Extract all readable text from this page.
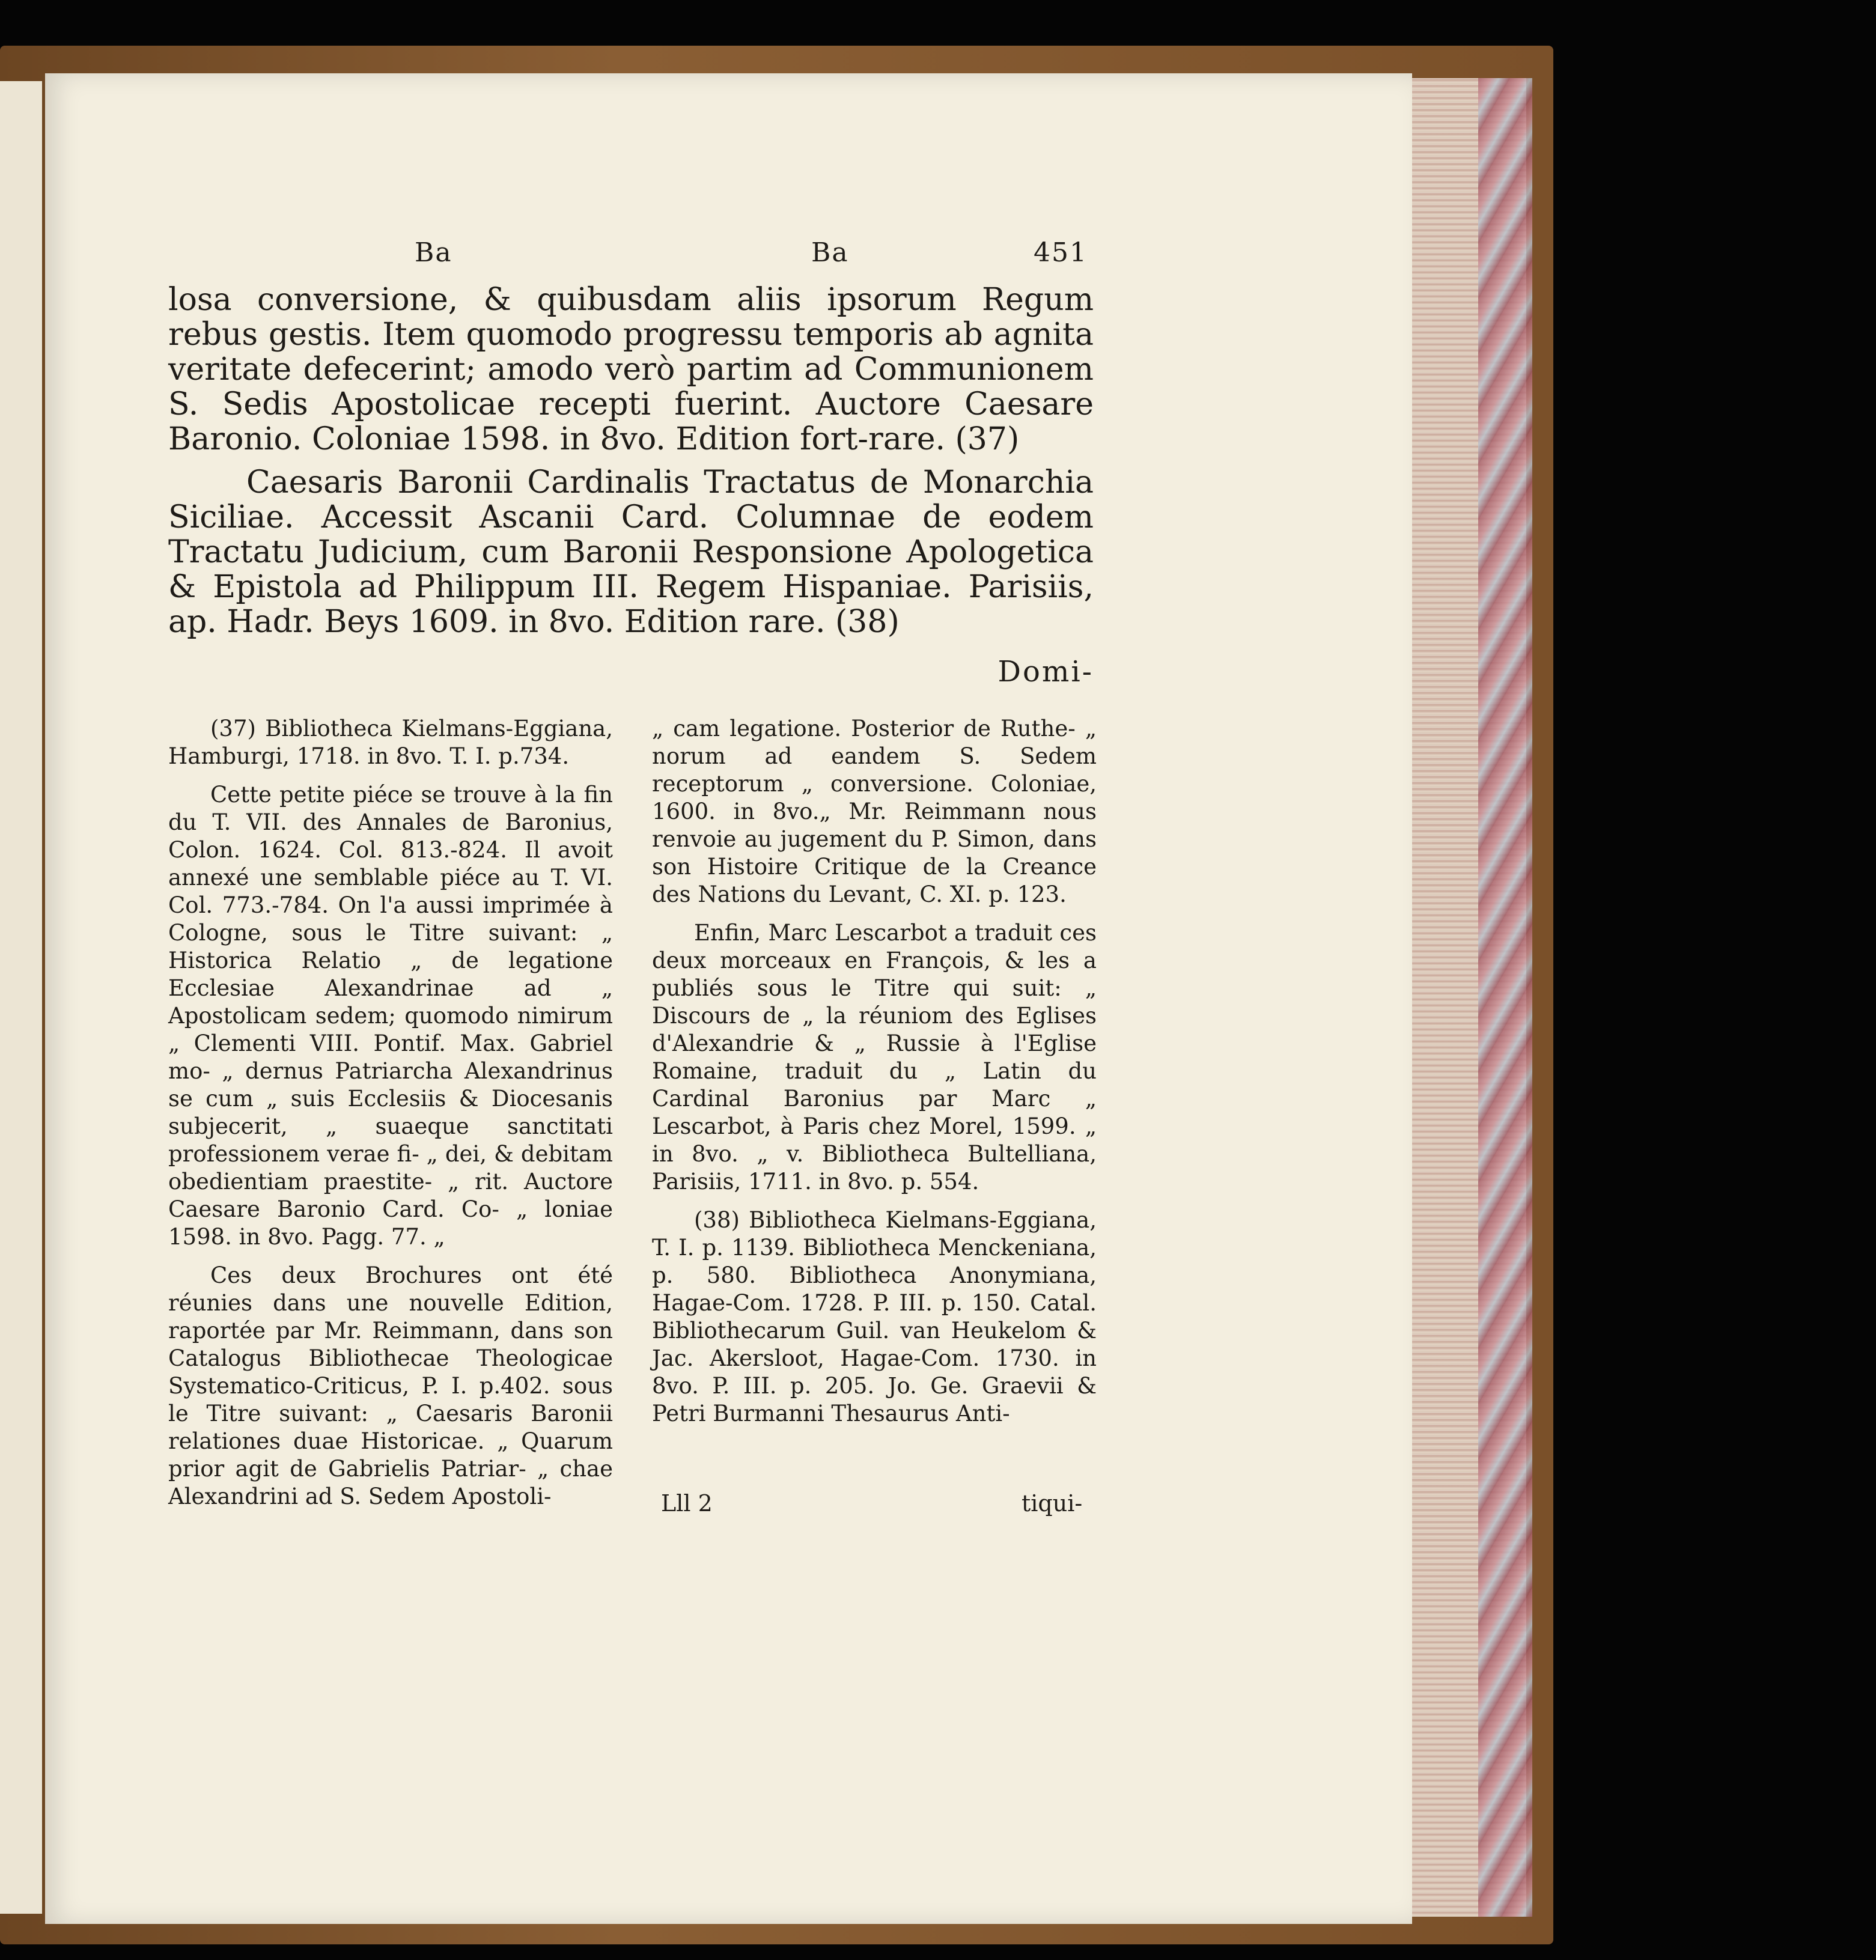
Ba	Ba	451

losa conversione, & quibusdam aliis ipsorum Regum rebus gestis. Item quomodo progressu temporis ab agnita veritate defecerint; amodo verò partim ad Communionem S. Sedis Apostolicae recepti fuerint. Auctore Caesare Baronio. Coloniae 1598. in 8vo. Edition fort-rare. (37)

Caesaris Baronii Cardinalis Tractatus de Monarchia Siciliae. Accessit Ascanii Card. Columnae de eodem Tractatu Judicium, cum Baronii Responsione Apologetica & Epistola ad Philippum III. Regem Hispaniae. Parisiis, ap. Hadr. Beys 1609. in 8vo. Edition rare. (38)

Domi-

(37) Bibliotheca Kielmans-Eggiana, Hamburgi, 1718. in 8vo. T. I. p.734.

Cette petite piéce se trouve à la fin du T. VII. des Annales de Baronius, Colon. 1624. Col. 813.-824. Il avoit annexé une semblable piéce au T. VI. Col. 773.-784. On l'a aussi imprimée à Cologne, sous le Titre suivant: „ Historica Relatio „ de legatione Ecclesiae Alexandrinae ad „ Apostolicam sedem; quomodo nimirum „ Clementi VIII. Pontif. Max. Gabriel mo- „ dernus Patriarcha Alexandrinus se cum „ suis Ecclesiis & Diocesanis subjecerit, „ suaeque sanctitati professionem verae fi- „ dei, & debitam obedientiam praestite- „ rit. Auctore Caesare Baronio Card. Co- „ loniae 1598. in 8vo. Pagg. 77. „

Ces deux Brochures ont été réunies dans une nouvelle Edition, raportée par Mr. Reimmann, dans son Catalogus Bibliothecae Theologicae Systematico-Criticus, P. I. p.402. sous le Titre suivant: „ Caesaris Baronii relationes duae Historicae. „ Quarum prior agit de Gabrielis Patriar- „ chae Alexandrini ad S. Sedem Apostoli-

„ cam legatione. Posterior de Ruthe- „ norum ad eandem S. Sedem receptorum „ conversione. Coloniae, 1600. in 8vo.„ Mr. Reimmann nous renvoie au jugement du P. Simon, dans son Histoire Critique de la Creance des Nations du Levant, C. XI. p. 123.

Enfin, Marc Lescarbot a traduit ces deux morceaux en François, & les a publiés sous le Titre qui suit: „ Discours de „ la réuniom des Eglises d'Alexandrie & „ Russie à l'Eglise Romaine, traduit du „ Latin du Cardinal Baronius par Marc „ Lescarbot, à Paris chez Morel, 1599. „ in 8vo. „ v. Bibliotheca Bultelliana, Parisiis, 1711. in 8vo. p. 554.

(38) Bibliotheca Kielmans-Eggiana, T. I. p. 1139. Bibliotheca Menckeniana, p. 580. Bibliotheca Anonymiana, Hagae-Com. 1728. P. III. p. 150. Catal. Bibliothecarum Guil. van Heukelom & Jac. Akersloot, Hagae-Com. 1730. in 8vo. P. III. p. 205. Jo. Ge. Graevii & Petri Burmanni Thesaurus Anti-

Lll 2	tiqui-
